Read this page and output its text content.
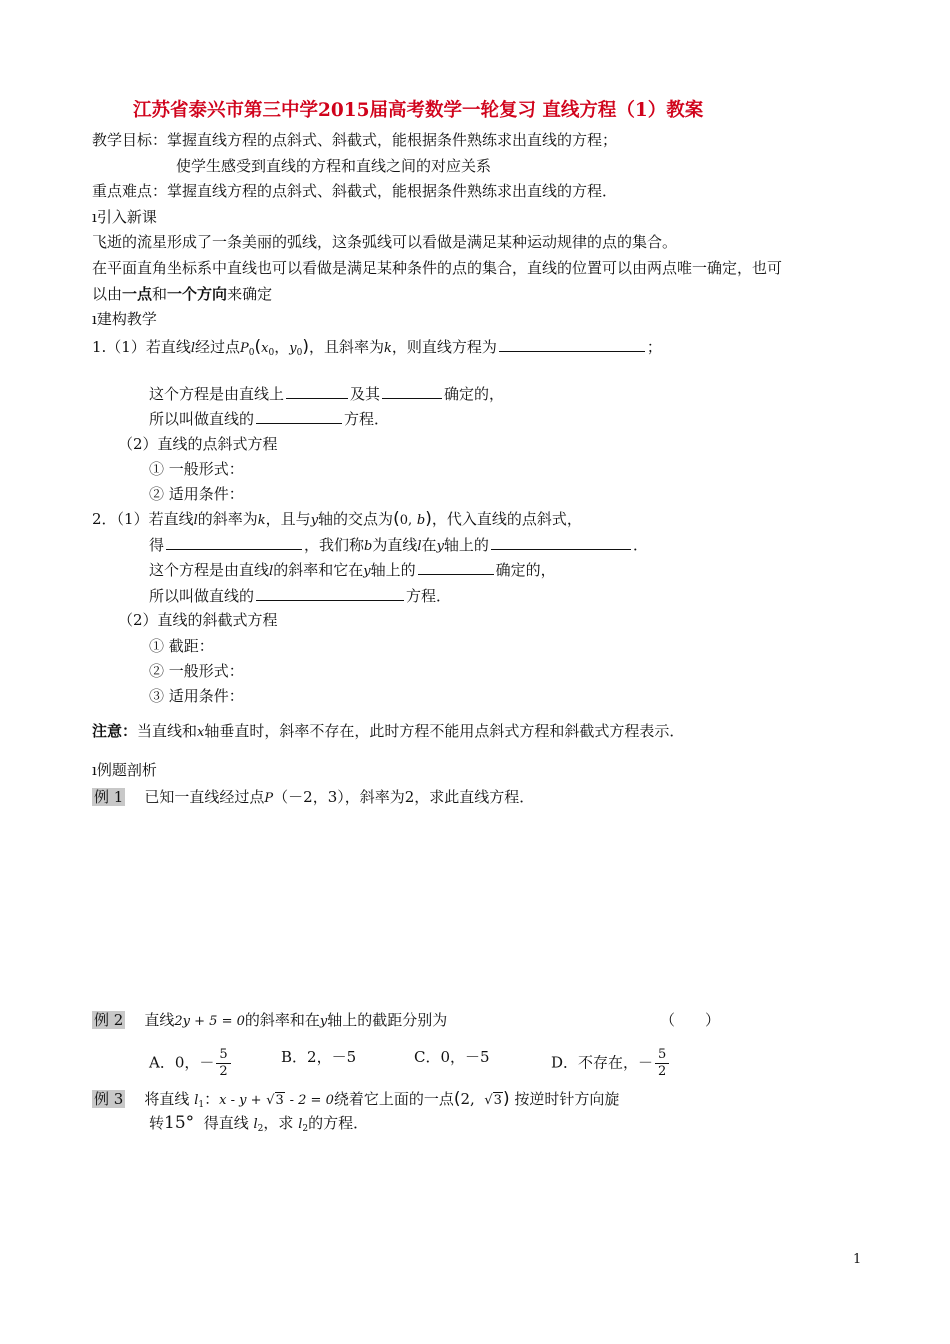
江苏省泰兴市第三中学2015届高考数学一轮复习 直线方程（1）教案
教学目标：掌握直线方程的点斜式、斜截式，能根据条件熟练求出直线的方程；
使学生感受到直线的方程和直线之间的对应关系
重点难点：掌握直线方程的点斜式、斜截式，能根据条件熟练求出直线的方程．
ı引入新课
飞逝的流星形成了一条美丽的弧线，这条弧线可以看做是满足某种运动规律的点的集合。
在平面直角坐标系中直线也可以看做是满足某种条件的点的集合，直线的位置可以由两点唯一确定，也可
以由一点和一个方向来确定
ı建构教学
1.（1）若直线l经过点$P_0(x_0$，$y_0$)，且斜率为k，则直线方程为	；
这个方程是由直线上	及其	确定的，
所以叫做直线的	方程．
（2）直线的点斜式方程
① 一般形式：
② 适用条件：
2．（1）若直线l的斜率为k，且与y轴的交点为(0, b)，代入直线的点斜式，
得	，我们称b为直线l在y轴上的	．
这个方程是由直线l的斜率和它在y轴上的	确定的，
所以叫做直线的	方程．
（2）直线的斜截式方程
① 截距：
② 一般形式：
③ 适用条件：
注意：当直线和x轴垂直时，斜率不存在，此时方程不能用点斜式方程和斜截式方程表示．
ı例题剖析
例 1 已知一直线经过点P（－2，3），斜率为2，求此直线方程．
例 2 直线2y + 5 = 0的斜率和在y轴上的截距分别为	（　　）
A．0，－ $\frac{5}{2}$	B．2，－5	C．0，－5	D．不存在，－ $\frac{5}{2}$
例 3 将直线 $l_1$：x - y + √3 - 2 = 0绕着它上面的一点(2, √3) 按逆时针方向旋
转15° 得直线 $l_2$，求 $l_2$的方程．
1
